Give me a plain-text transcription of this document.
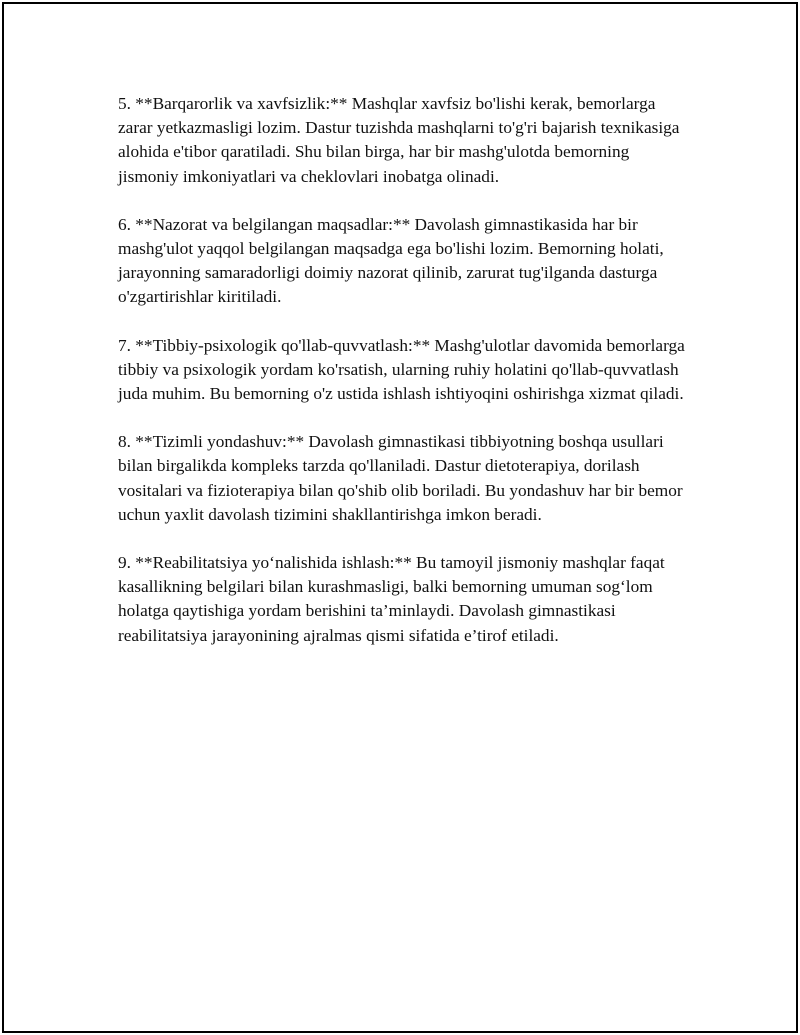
5. **Barqarorlik va xavfsizlik:** Mashqlar xavfsiz bo'lishi kerak, bemorlarga zarar yetkazmasligi lozim. Dastur tuzishda mashqlarni to'g'ri bajarish texnikasiga alohida e'tibor qaratiladi. Shu bilan birga, har bir mashg'ulotda bemorning jismoniy imkoniyatlari va cheklovlari inobatga olinadi.

6. **Nazorat va belgilangan maqsadlar:** Davolash gimnastikasida har bir mashg'ulot yaqqol belgilangan maqsadga ega bo'lishi lozim. Bemorning holati, jarayonning samaradorligi doimiy nazorat qilinib, zarurat tug'ilganda dasturga o'zgartirishlar kiritiladi.

7. **Tibbiy-psixologik qo'llab-quvvatlash:** Mashg'ulotlar davomida bemorlarga tibbiy va psixologik yordam ko'rsatish, ularning ruhiy holatini qo'llab-quvvatlash juda muhim. Bu bemorning o'z ustida ishlash ishtiyoqini oshirishga xizmat qiladi.

8. **Tizimli yondashuv:** Davolash gimnastikasi tibbiyotning boshqa usullari bilan birgalikda kompleks tarzda qo'llaniladi. Dastur dietoterapiya, dorilash vositalari va fizioterapiya bilan qo'shib olib boriladi. Bu yondashuv har bir bemor uchun yaxlit davolash tizimini shakllantirishga imkon beradi.

9. **Reabilitatsiya yo‘nalishida ishlash:** Bu tamoyil jismoniy mashqlar faqat kasallikning belgilari bilan kurashmasligi, balki bemorning umuman sog‘lom holatga qaytishiga yordam berishini ta’minlaydi. Davolash gimnastikasi reabilitatsiya jarayonining ajralmas qismi sifatida e’tirof etiladi.
